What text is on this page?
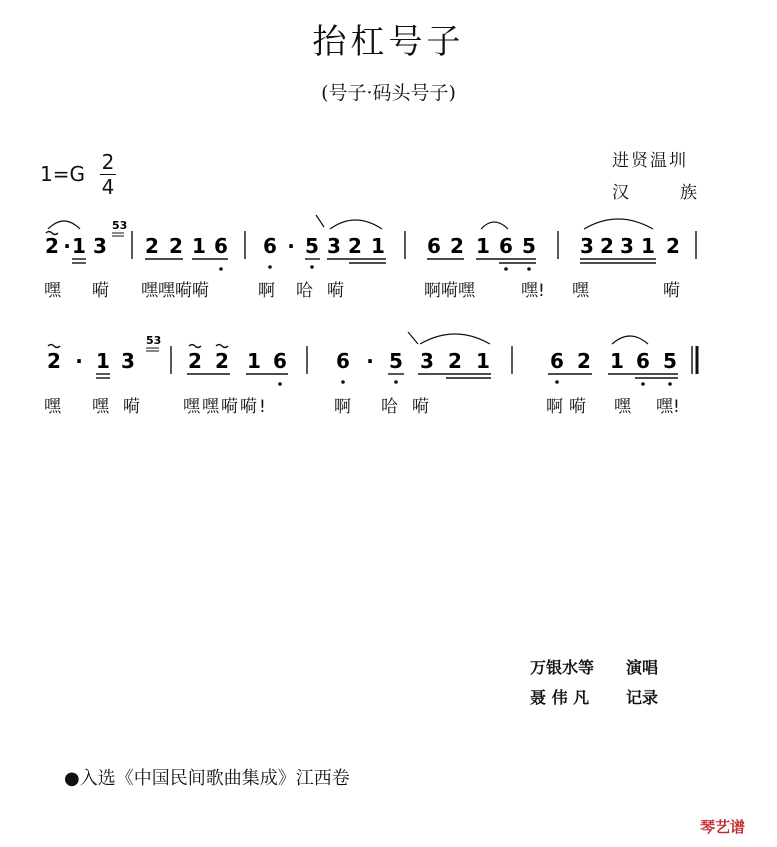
抬杠号子
(号子·码头号子)
1=G 2
4
进贤温圳
汉	族
2 · 1 3 2 2 1 6 6 · 5 3 2 1 6 2 1 6 5 3 2 3 1 2
53
嘿 嗬 嘿嘿嗬嗬	啊 哈嗬	啊嗬嘿	嘿! 嘿	嗬
2 · 1 3	2 2 1 6 6 · 5 3 2 1	6 2 1 6 5
53
嘿 嘿嗬 嘿嘿嗬嗬!	啊 哈嗬	啊嗬 嘿 嘿!
万银水等 演唱
聂 伟 凡 记录
●入选《中国民间歌曲集成》江西卷
琴艺谱
